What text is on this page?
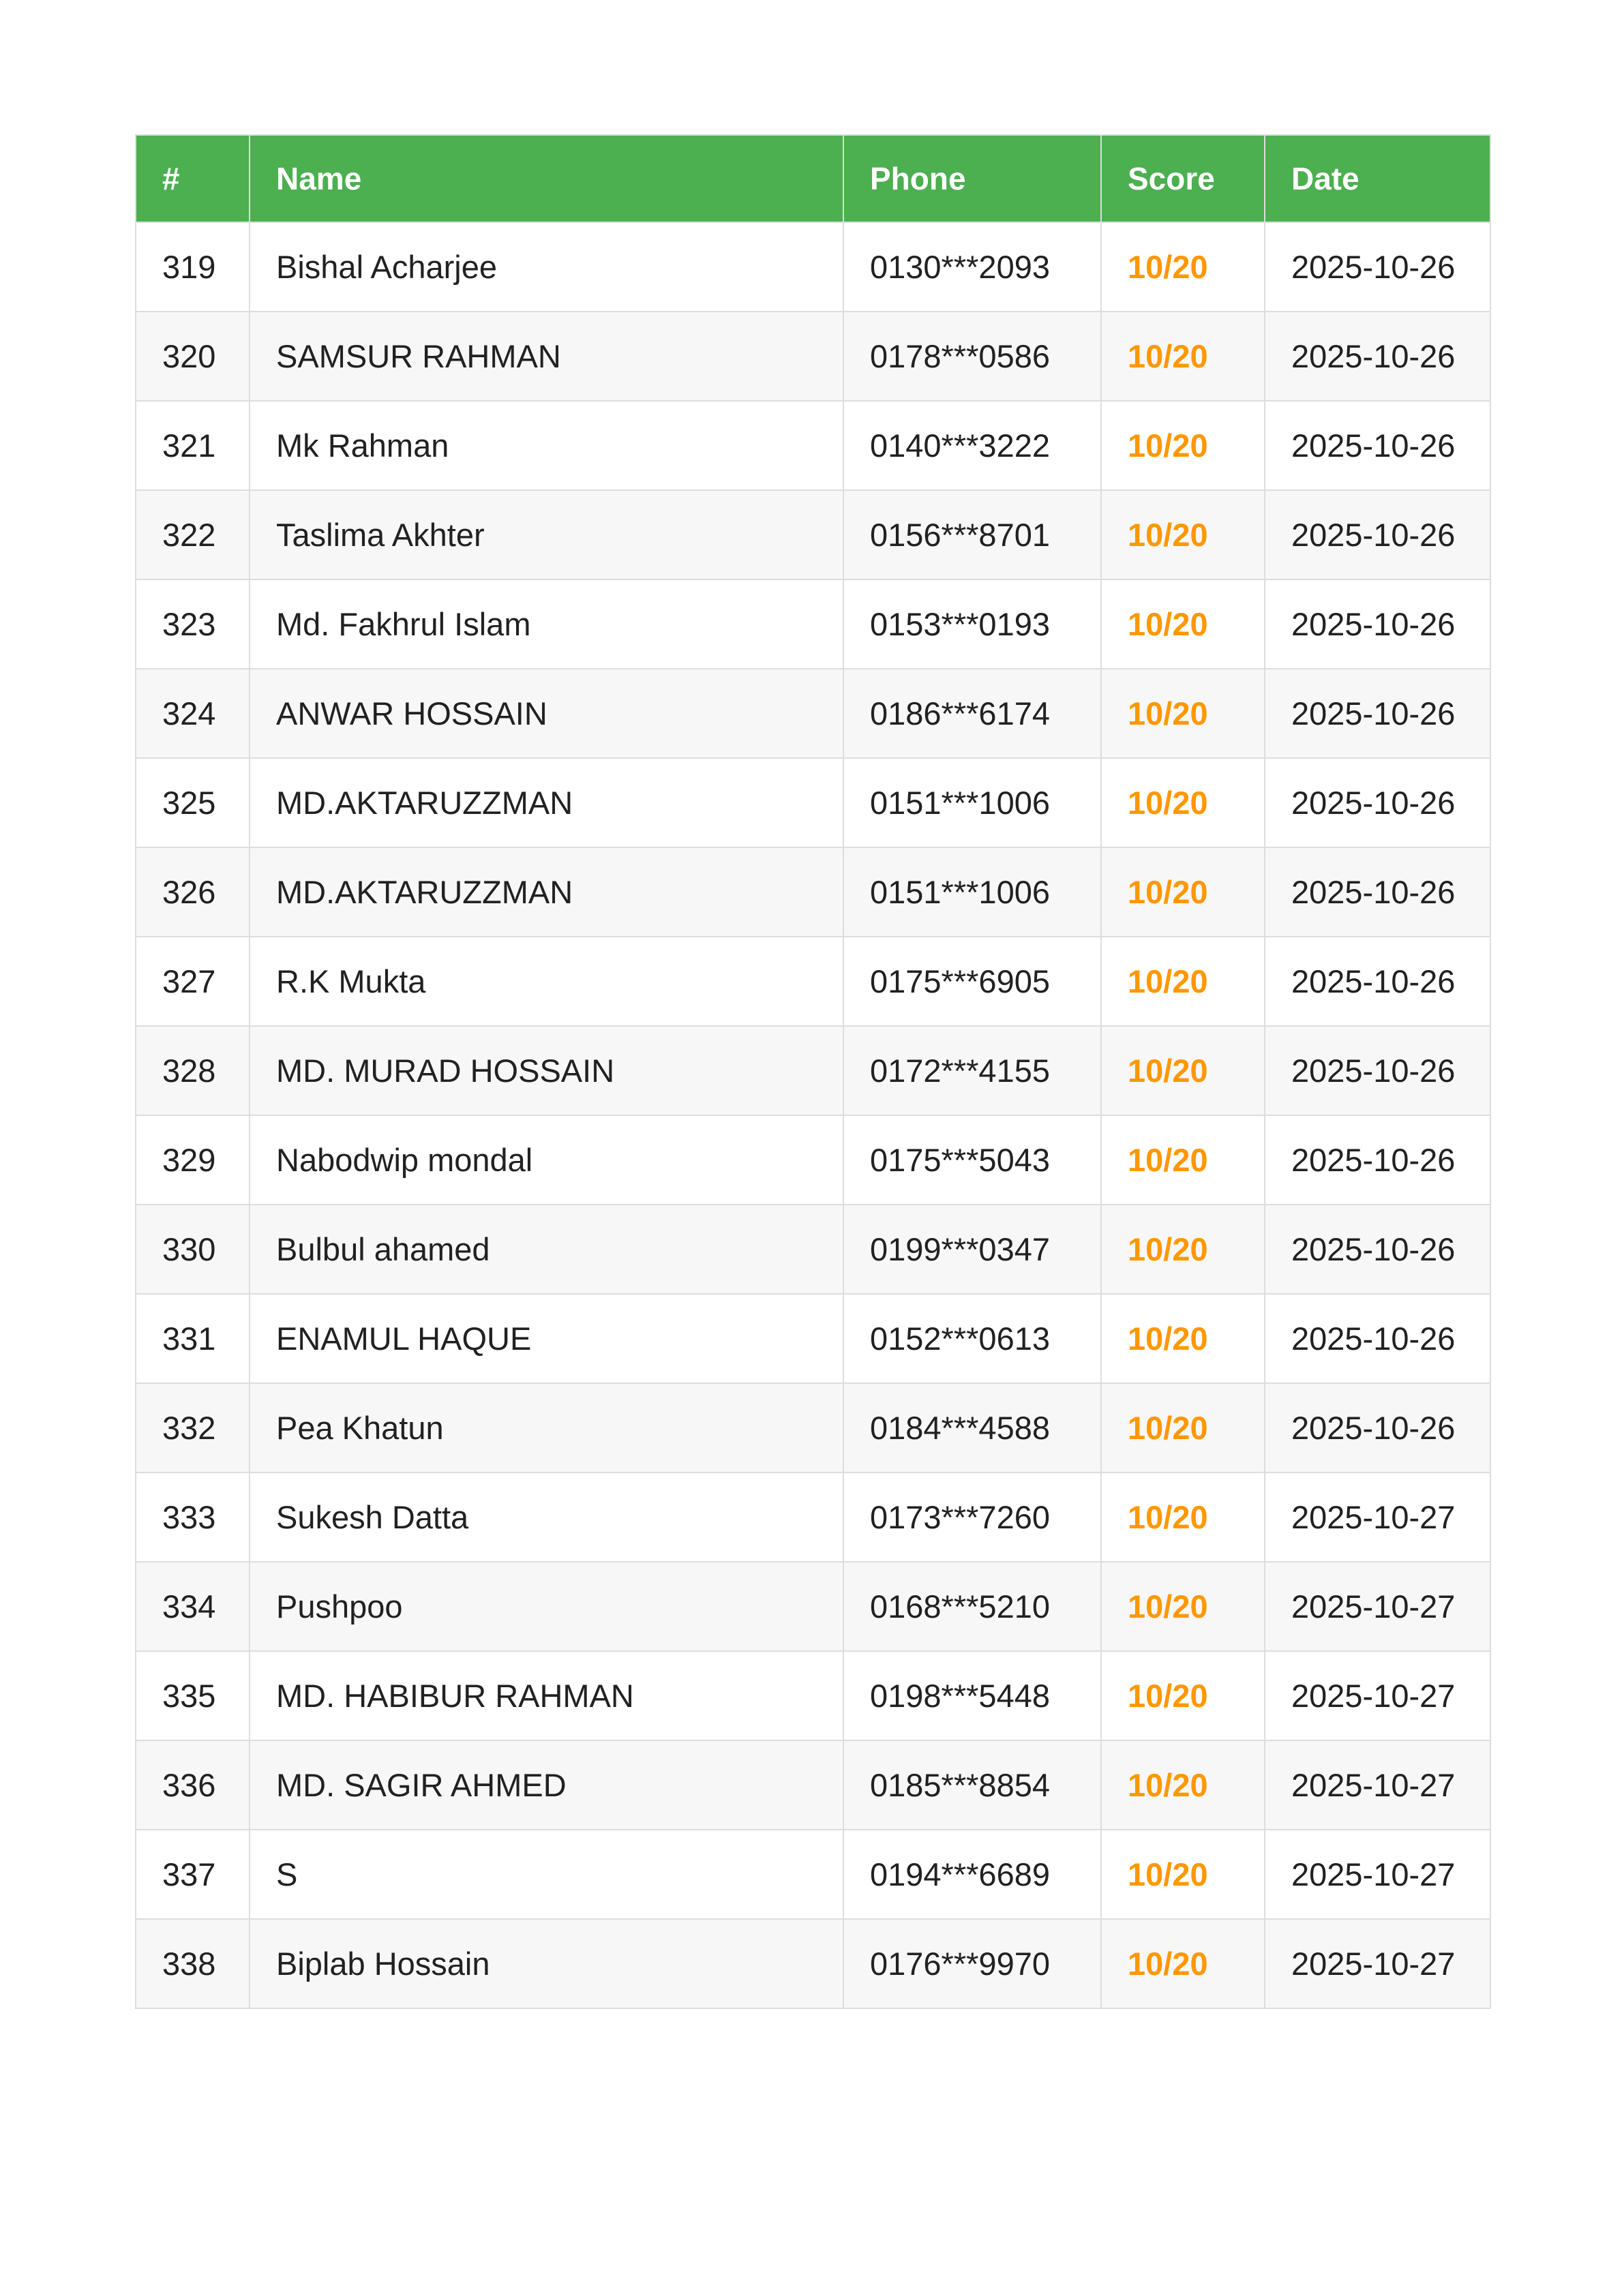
#	Name	Phone	Score	Date
319	Bishal Acharjee	0130***2093	10/20	2025-10-26
320	SAMSUR RAHMAN	0178***0586	10/20	2025-10-26
321	Mk Rahman	0140***3222	10/20	2025-10-26
322	Taslima Akhter	0156***8701	10/20	2025-10-26
323	Md. Fakhrul Islam	0153***0193	10/20	2025-10-26
324	ANWAR HOSSAIN	0186***6174	10/20	2025-10-26
325	MD.AKTARUZZMAN	0151***1006	10/20	2025-10-26
326	MD.AKTARUZZMAN	0151***1006	10/20	2025-10-26
327	R.K Mukta	0175***6905	10/20	2025-10-26
328	MD. MURAD HOSSAIN	0172***4155	10/20	2025-10-26
329	Nabodwip mondal	0175***5043	10/20	2025-10-26
330	Bulbul ahamed	0199***0347	10/20	2025-10-26
331	ENAMUL HAQUE	0152***0613	10/20	2025-10-26
332	Pea Khatun	0184***4588	10/20	2025-10-26
333	Sukesh Datta	0173***7260	10/20	2025-10-27
334	Pushpoo	0168***5210	10/20	2025-10-27
335	MD. HABIBUR RAHMAN	0198***5448	10/20	2025-10-27
336	MD. SAGIR AHMED	0185***8854	10/20	2025-10-27
337	S	0194***6689	10/20	2025-10-27
338	Biplab Hossain	0176***9970	10/20	2025-10-27
